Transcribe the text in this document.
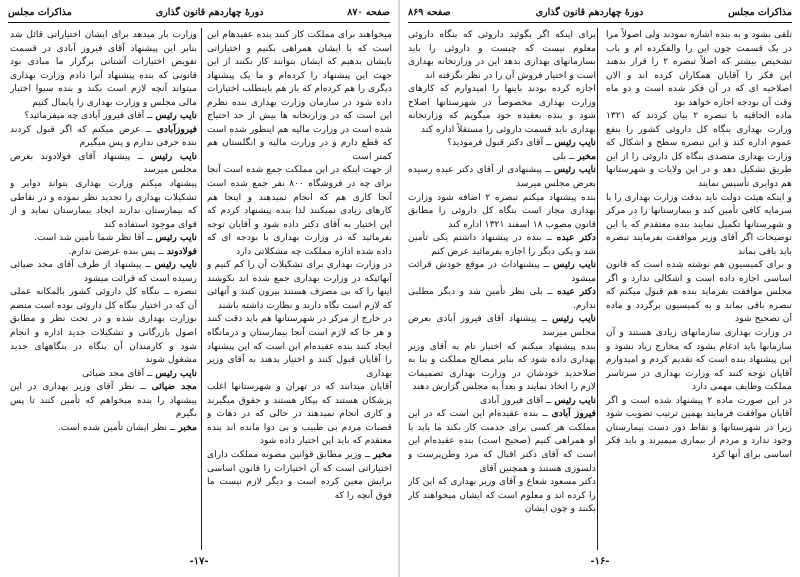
صفحه ۸۷۰
دورهٔ چهاردهم قانون گذاری
مذاکرات مجلس

میخواهند برای مملکت کار کنند بنده عقیدهام این است که با ایشان همراهی بکنیم و اختیاراتی بایشان بدهیم که ایشان بتوانند کار بکنند از این جهت این پیشنهاد را کرده‌ام و ما یک پیشنهاد دیگری را هم کرده‌ام که باز هم باینطلب اختیارات داده شود در سازمان وزارت بهداری بنده نظرم این است که در وزارتخانه ها بیش از حد احتیاج شده است در وزارت مالیه هم اینطور شده است که قطع دارم و در وزارت مالیه و انگلستان هم کمتر است

از جهت اینکه در این مملکت جمع شده است آنجا برای چه در فروشگاه ۸۰۰ نفر جمع شده است آنجا کاری هم که انجام نمیدهند و اینجا هم کارهای زیادی نمیکنند لذا بنده پیشنهاد کردم که این اختیار به آقای دکتر داده شود و آقایان توجه بفرمائید که در وزارت بهداری با بودجه ای که داده شده اداره مملکت چه مشکلاتی دارد

در وزارت بهداری برای تشکیلات آن را کم کنیم و آنهائیکه در وزارت بهداری جمع شده اند بکوشند اینها را که بی مصرف هستند بیرون کنند و آنهائی که لازم است نگاه دارند و نظارت داشته باشند

در خارج از مرکز در شهرستانها هم باید دقت کنند و هر جا که لازم است آنجا بیمارستان و درمانگاه ایجاد کنند بنده عقیده‌ام این است که این پیشنهاد را آقایان قبول کنند و اختیار بدهند به آقای وزیر بهداری

آقایان میدانند که در تهران و شهرستانها اغلب پزشکان هستند که بیکار هستند و حقوق میگیرند و کاری انجام نمیدهند در حالی که در دهات و قصبات مردم بی طبیب و بی دوا مانده اند بنده معتقدم که باید این اختیار داده شود

مخبر ــ وزیر مطابق قوانین مصوبه مملکت دارای اختیاراتی است که آن اختیارات را قانون اساسی برایش معین کرده است و دیگر لازم نیست ما فوق آنچه را که

وزارت بار میدهد برای ایشان اختیاراتی قائل شد بنابر این پیشنهاد آقای فیروز آبادی در قسمت تفویض اختیارات آشتانی برگزار ما مبادی بود قانونی که بنده پیشنهاد آنرا دادم وزارت بهداری میتواند آنچه لازم است بکند و بنده سیوا اختیار مالی مجلس و وزارت بهداری را پایمال کنیم

نایب رئیس ــ آقای فیروز آبادی چه میفرمائید؟

فیروزآبادی ــ عرض میکنم که اگر قبول کردند بنده حرفی ندارم و پس میگیرم

نایب رئیس ــ پیشنهاد آقای فولادوند بعرض مجلس میرسد

پیشنهاد میکنم وزارت بهداری بتواند دوایر و تشکیلات بهداری را تجدید نظر نموده و در نقاطی که بیمارستان ندارند ایجاد بیمارستان نماید و از قوای موجود استفاده کند

نایب رئیس ــ آقا نظر شما تأمین شد است.

فولادوند ــ پس بنده عرضی ندارم.

نایب رئیس ــ پیشنهاد از طرف آقای مجد ضیائی رسیده است که قرائت میشود

تبصره ــ بنگاه کل داروئی کشور بالمکانه عملی آن که در اختیار بنگاه کل داروئی بوده است منضم بوزارت بهداری شده و در تحت نظر و مطابق اصول بازرگانی و تشکیلات جدید اداره و انجام شود و کارمندان آن بنگاه در بنگاههای جدید مشغول شوند

نایب رئیس ــ آقای مجد ضیائی

مجد ضیائی ــ نظر آقای وزیر بهداری در این پیشنهاد را بنده میخواهم که تأمین کنند تا پس بگیرم

مخبر ــ نظر ایشان تأمین شده است.

-۱۷-
مذاکرات مجلس
دورهٔ چهاردهم قانون گذاری
صفحه ۸۶۹

تلقی بشود و به بنده اشاره نمودند ولی اصولاً مرا در یک قسمت چون این را والفکرده ام و باب تشخیص بیشتر که اصلاً تبصره ۲ را قرار بدهند این فکر را آقایان همکاران کرده اند و الان اصلاحیه ای که در آن فکر شده است و دو ماه وقت آن بودجه اجازه خواهد بود

ماده الحاقیه با تبصره ۲ بیان کردند که ۱۳۲۱ وزارت بهداری بنگاه کل داروئی کشور را بنفع عموم اداره کند و این تبصره سطح و اشکال که وزارت بهداری متصدی بنگاه کل داروئی را از این طریق تشکیل دهد و در این ولایات و شهرستانها هم دوایری تأسیس نمایند

و اینکه هیئت دولت باید بدقت وزارت بهداری را با سرمایه کافی تأمین کند و بیمارستانها را در مرکز و شهرستانها تکمیل نمایند بنده معتقدم که با این توضیحات اگر آقای وزیر موافقت بفرمایند تبصره باید باقی بماند

و برای کمیسیون هم نوشته شده است که قانون اساسی اجازه داده است و اشکالی ندارد و اگر مجلس موافقت بفرماید بنده هم قبول میکنم که تبصره باقی بماند و به کمیسیون برگردد و ماده آن تصحیح شود

در وزارت بهداری سازمانهای زیادی هستند و آن سازمانها باید ادغام بشود که مخارج زیاد نشود و این پیشنهاد بنده است که تقدیم کردم و امیدوارم آقایان توجه کنند که وزارت بهداری در سرتاسر مملکت وظایف مهمی دارد

در این صورت ماده ۲ پیشنهاد شده است و اگر آقایان موافقت فرمایند بهمین ترتیب تصویب شود زیرا در شهرستانها و نقاط دور دست بیمارستان وجود ندارد و مردم از بیماری میمیرند و باید فکر اساسی برای آنها کرد

برای اینکه اگر بگوئید داروئی که بنگاه داروئی معلوم نیست که چیست و داروئی را باید بسازمانهای بهداری بدهد این در وزارتخانه بهداری است و اختیار فروش آن را در نظر نگرفته اند

اجازه کرده بودند باینها را امیدوارم که کارهای وزارت بهداری مخصوصاً در شهرستانها اصلاح شود و بنده بعقیده خود میگویم که وزارتخانه بهداری باید قسمت داروئی را مستقلاً اداره کند

نایب رئیس ــ آقای دکتر قبول فرمودید؟

مخبر ــ بلی

نایب رئیس ــ پیشنهادی از آقای دکتر عبده رسیده بعرض مجلس میرسد

بنده پیشنهاد میکنم تبصره ۲ اضافه شود وزارت بهداری مجاز است بنگاه کل داروئی را مطابق قانون مصوب ۱۸ اسفند ۱۳۲۱ اداره کند

دکتر عبده ــ بنده در پیشنهاد داشتم یکی تأمین شد و یکی دیگر را اجازه بفرمائید عرض کنم

نایب رئیس ــ پیشنهادات در موقع خودش قرائت میشود

دکتر عبده ــ بلی نظر تأمین شد و دیگر مطلبی ندارم.

نایب رئیس ــ پیشنهاد آقای فیروز آبادی بعرض مجلس میرسد

بنده پیشنهاد میکنم که اختیار تام به آقای وزیر بهداری داده شود که بنابر مصالح مملکت و بنا به صلاحدید خودشان در وزارت بهداری تصمیمات لازم را اتخاذ نمایند و بعداً به مجلس گزارش دهند

نایب رئیس ــ آقای فیروز آبادی

فیروز آبادی ــ بنده عقیده‌ام این است که در این مملکت هر کسی برای خدمت کار بکند ما باید با او همراهی کنیم (صحیح است) بنده عقیده‌ام این است که آقای دکتر اقبال که مرد وطن‌پرست و دلسوزی هستند و همچنین آقای

دکتر مسعود شعاع و آقای وزیر بهداری که این کار را کرده اند و معلوم است که ایشان میخواهند کار بکنند و چون ایشان

-۱۶-
